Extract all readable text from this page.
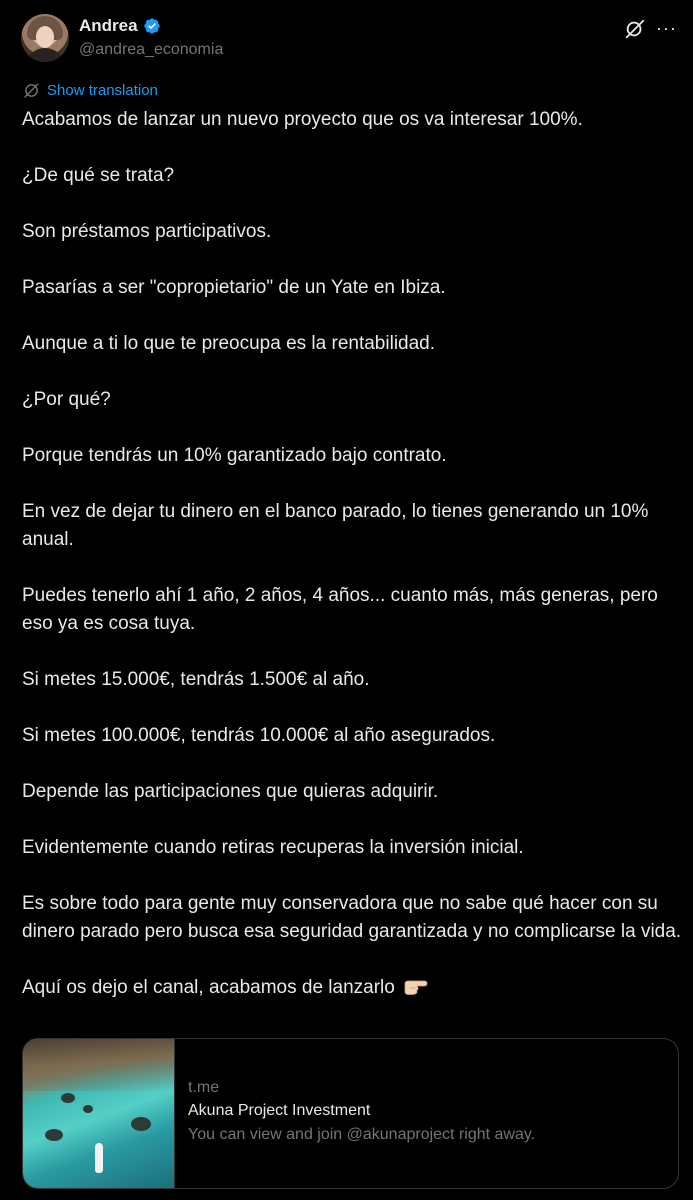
Andrea
@andrea_economia
···
Show translation

Acabamos de lanzar un nuevo proyecto que os va interesar 100%.

¿De qué se trata?

Son préstamos participativos.

Pasarías a ser "copropietario" de un Yate en Ibiza.

Aunque a ti lo que te preocupa es la rentabilidad.

¿Por qué?

Porque tendrás un 10% garantizado bajo contrato.

En vez de dejar tu dinero en el banco parado, lo tienes generando un 10% anual.

Puedes tenerlo ahí 1 año, 2 años, 4 años... cuanto más, más generas, pero eso ya es cosa tuya.

Si metes 15.000€, tendrás 1.500€ al año.

Si metes 100.000€, tendrás 10.000€ al año asegurados.

Depende las participaciones que quieras adquirir.

Evidentemente cuando retiras recuperas la inversión inicial.

Es sobre todo para gente muy conservadora que no sabe qué hacer con su dinero parado pero busca esa seguridad garantizada y no complicarse la vida.

Aquí os dejo el canal, acabamos de lanzarlo

t.me
Akuna Project Investment
You can view and join @akunaproject right away.
